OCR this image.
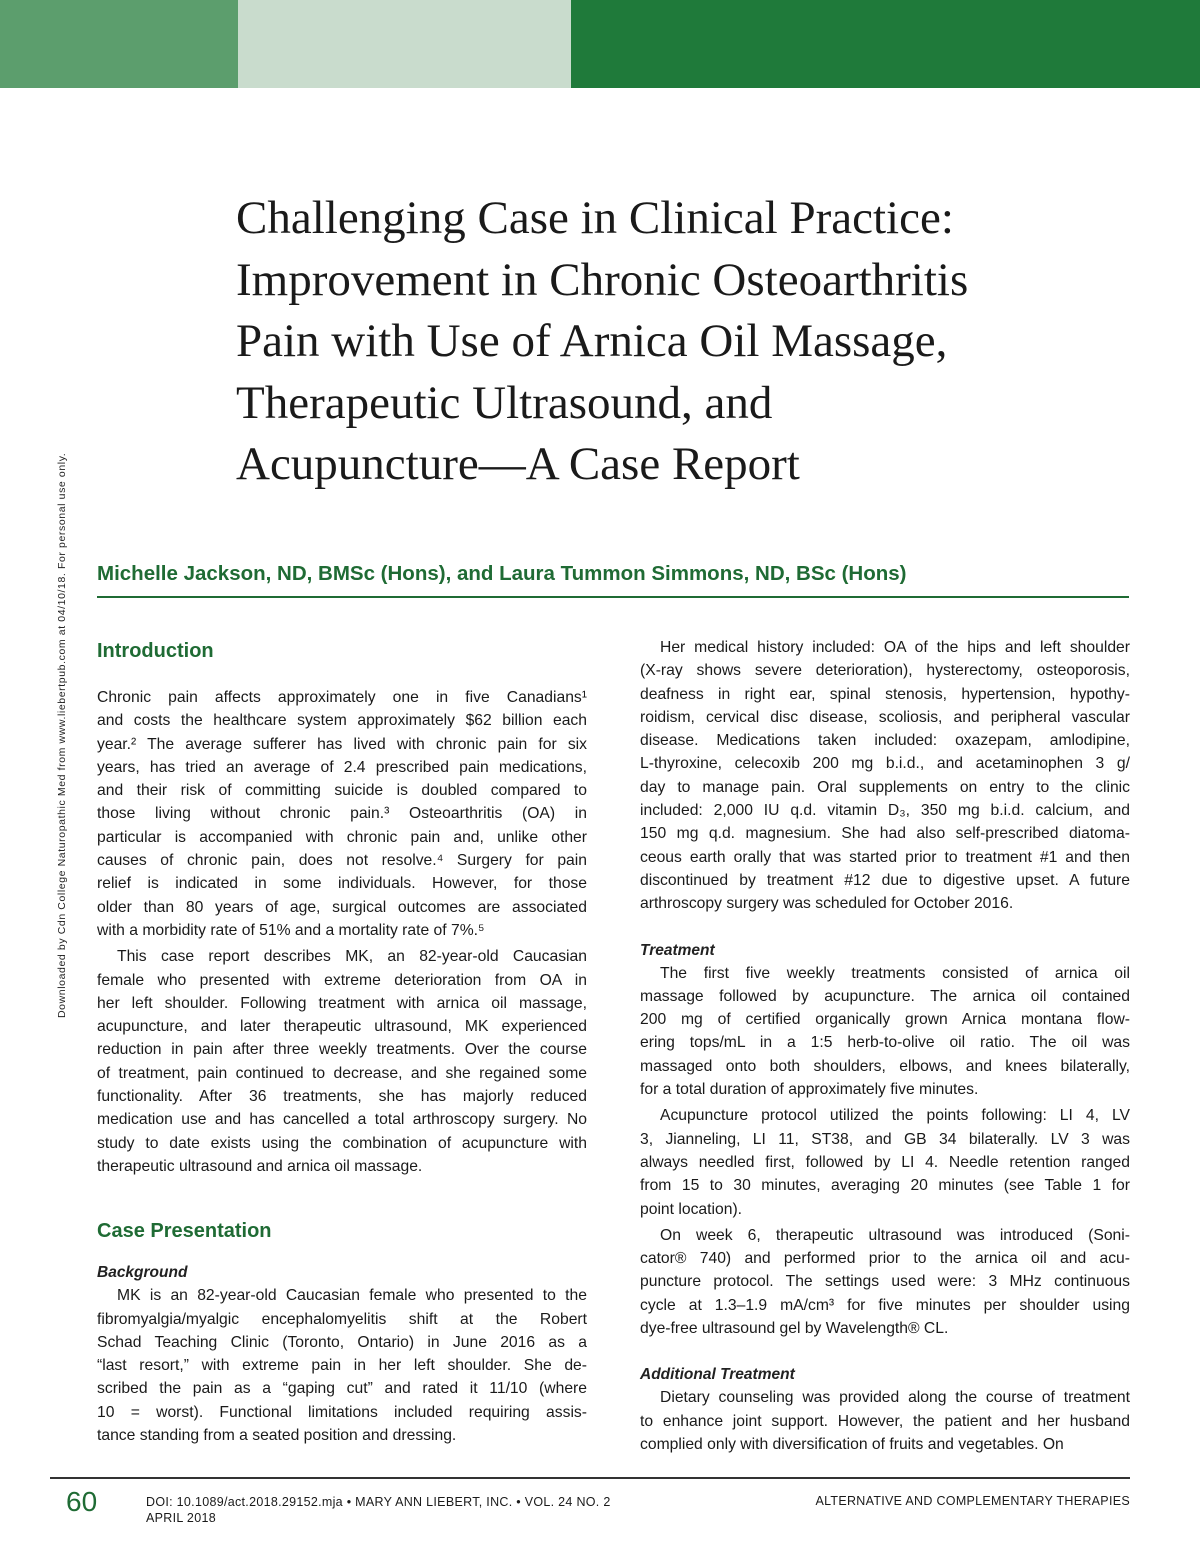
Downloaded by Cdn College Naturopathic Med from www.liebertpub.com at 04/10/18. For personal use only.
Challenging Case in Clinical Practice:
Improvement in Chronic Osteoarthritis
Pain with Use of Arnica Oil Massage,
Therapeutic Ultrasound, and
Acupuncture—A Case Report

Michelle Jackson, ND, BMSc (Hons), and Laura Tummon Simmons, ND, BSc (Hons)

Introduction
Chronic pain affects approximately one in five Canadians¹
and costs the healthcare system approximately $62 billion each
year.² The average sufferer has lived with chronic pain for six
years, has tried an average of 2.4 prescribed pain medications,
and their risk of committing suicide is doubled compared to
those living without chronic pain.³ Osteoarthritis (OA) in
particular is accompanied with chronic pain and, unlike other
causes of chronic pain, does not resolve.⁴ Surgery for pain
relief is indicated in some individuals. However, for those
older than 80 years of age, surgical outcomes are associated
with a morbidity rate of 51% and a mortality rate of 7%.⁵
This case report describes MK, an 82-year-old Caucasian
female who presented with extreme deterioration from OA in
her left shoulder. Following treatment with arnica oil massage,
acupuncture, and later therapeutic ultrasound, MK experienced
reduction in pain after three weekly treatments. Over the course
of treatment, pain continued to decrease, and she regained some
functionality. After 36 treatments, she has majorly reduced
medication use and has cancelled a total arthroscopy surgery. No
study to date exists using the combination of acupuncture with
therapeutic ultrasound and arnica oil massage.
Case Presentation
Background
MK is an 82-year-old Caucasian female who presented to the
fibromyalgia/myalgic encephalomyelitis shift at the Robert
Schad Teaching Clinic (Toronto, Ontario) in June 2016 as a
“last resort,” with extreme pain in her left shoulder. She de-
scribed the pain as a “gaping cut” and rated it 11/10 (where
10 = worst). Functional limitations included requiring assis-
tance standing from a seated position and dressing.
Her medical history included: OA of the hips and left shoulder
(X-ray shows severe deterioration), hysterectomy, osteoporosis,
deafness in right ear, spinal stenosis, hypertension, hypothy-
roidism, cervical disc disease, scoliosis, and peripheral vascular
disease. Medications taken included: oxazepam, amlodipine,
L-thyroxine, celecoxib 200 mg b.i.d., and acetaminophen 3 g/
day to manage pain. Oral supplements on entry to the clinic
included: 2,000 IU q.d. vitamin D₃, 350 mg b.i.d. calcium, and
150 mg q.d. magnesium. She had also self-prescribed diatoma-
ceous earth orally that was started prior to treatment #1 and then
discontinued by treatment #12 due to digestive upset. A future
arthroscopy surgery was scheduled for October 2016.
Treatment
The first five weekly treatments consisted of arnica oil
massage followed by acupuncture. The arnica oil contained
200 mg of certified organically grown Arnica montana flow-
ering tops/mL in a 1:5 herb-to-olive oil ratio. The oil was
massaged onto both shoulders, elbows, and knees bilaterally,
for a total duration of approximately five minutes.
Acupuncture protocol utilized the points following: LI 4, LV
3, Jianneling, LI 11, ST38, and GB 34 bilaterally. LV 3 was
always needled first, followed by LI 4. Needle retention ranged
from 15 to 30 minutes, averaging 20 minutes (see Table 1 for
point location).
On week 6, therapeutic ultrasound was introduced (Soni-
cator® 740) and performed prior to the arnica oil and acu-
puncture protocol. The settings used were: 3 MHz continuous
cycle at 1.3–1.9 mA/cm³ for five minutes per shoulder using
dye-free ultrasound gel by Wavelength® CL.
Additional Treatment
Dietary counseling was provided along the course of treatment
to enhance joint support. However, the patient and her husband
complied only with diversification of fruits and vegetables. On
60	DOI: 10.1089/act.2018.29152.mja • MARY ANN LIEBERT, INC. • VOL. 24 NO. 2
APRIL 2018
ALTERNATIVE AND COMPLEMENTARY THERAPIES
